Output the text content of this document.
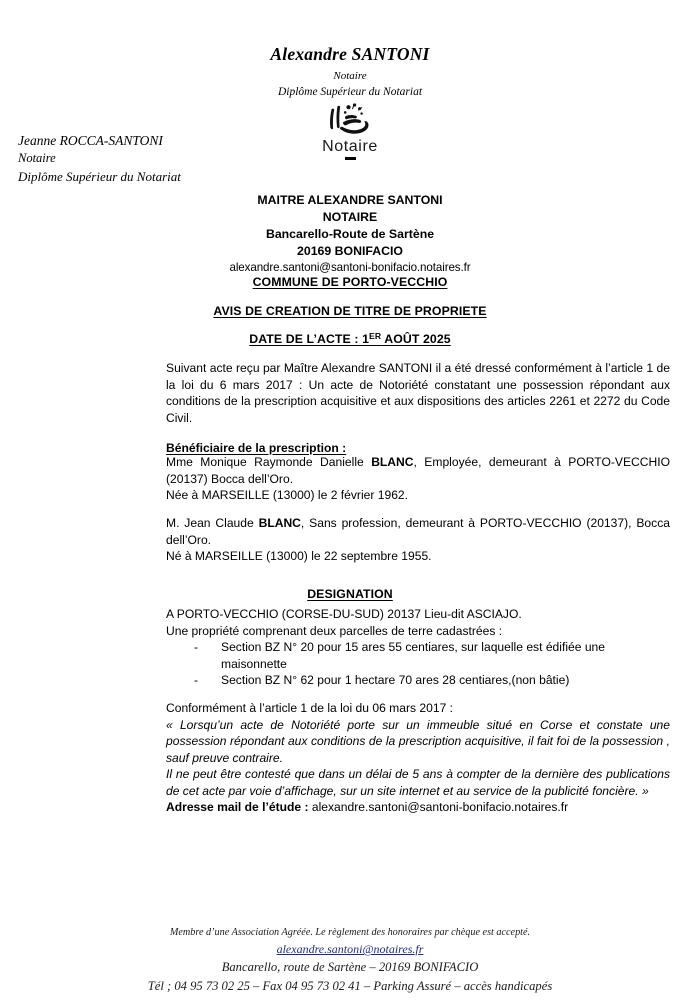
Alexandre SANTONI
Notaire
Diplôme Supérieur du Notariat
Notaire
Jeanne ROCCA-SANTONI
Notaire
Diplôme Supérieur du Notariat
MAITRE ALEXANDRE SANTONI
NOTAIRE
Bancarello-Route de Sartène
20169 BONIFACIO
alexandre.santoni@santoni-bonifacio.notaires.fr
COMMUNE DE PORTO-VECCHIO
AVIS DE CREATION DE TITRE DE PROPRIETE
DATE DE L’ACTE : 1ER AOÛT 2025
Suivant acte reçu par Maître Alexandre SANTONI il a été dressé conformément à l’article 1 de la loi du 6 mars 2017 : Un acte de Notoriété constatant une possession répondant aux conditions de la prescription acquisitive et aux dispositions des articles 2261 et 2272 du Code Civil.
Bénéficiaire de la prescription :
Mme Monique Raymonde Danielle BLANC, Employée, demeurant à PORTO-VECCHIO (20137) Bocca dell’Oro.
Née à MARSEILLE (13000) le 2 février 1962.
M. Jean Claude BLANC, Sans profession, demeurant à PORTO-VECCHIO (20137), Bocca dell’Oro.
Né à MARSEILLE (13000) le 22 septembre 1955.
DESIGNATION
A PORTO-VECCHIO (CORSE-DU-SUD) 20137 Lieu-dit ASCIAJO.
Une propriété comprenant deux parcelles de terre cadastrées :
- Section BZ N° 20 pour 15 ares 55 centiares, sur laquelle est édifiée une maisonnette
- Section BZ N° 62 pour 1 hectare 70 ares 28 centiares,(non bâtie)
Conformément à l’article 1 de la loi du 06 mars 2017 :
« Lorsqu’un acte de Notoriété porte sur un immeuble situé en Corse et constate une possession répondant aux conditions de la prescription acquisitive, il fait foi de la possession , sauf preuve contraire.
Il ne peut être contesté que dans un délai de 5 ans à compter de la dernière des publications de cet acte par voie d’affichage, sur un site internet et au service de la publicité foncière. »
Adresse mail de l’étude : alexandre.santoni@santoni-bonifacio.notaires.fr
Membre d’une Association Agréée. Le règlement des honoraires par chèque est accepté.
alexandre.santoni@notaires.fr
Bancarello, route de Sartène – 20169 BONIFACIO
Tél ; 04 95 73 02 25 – Fax 04 95 73 02 41 – Parking Assuré – accès handicapés
